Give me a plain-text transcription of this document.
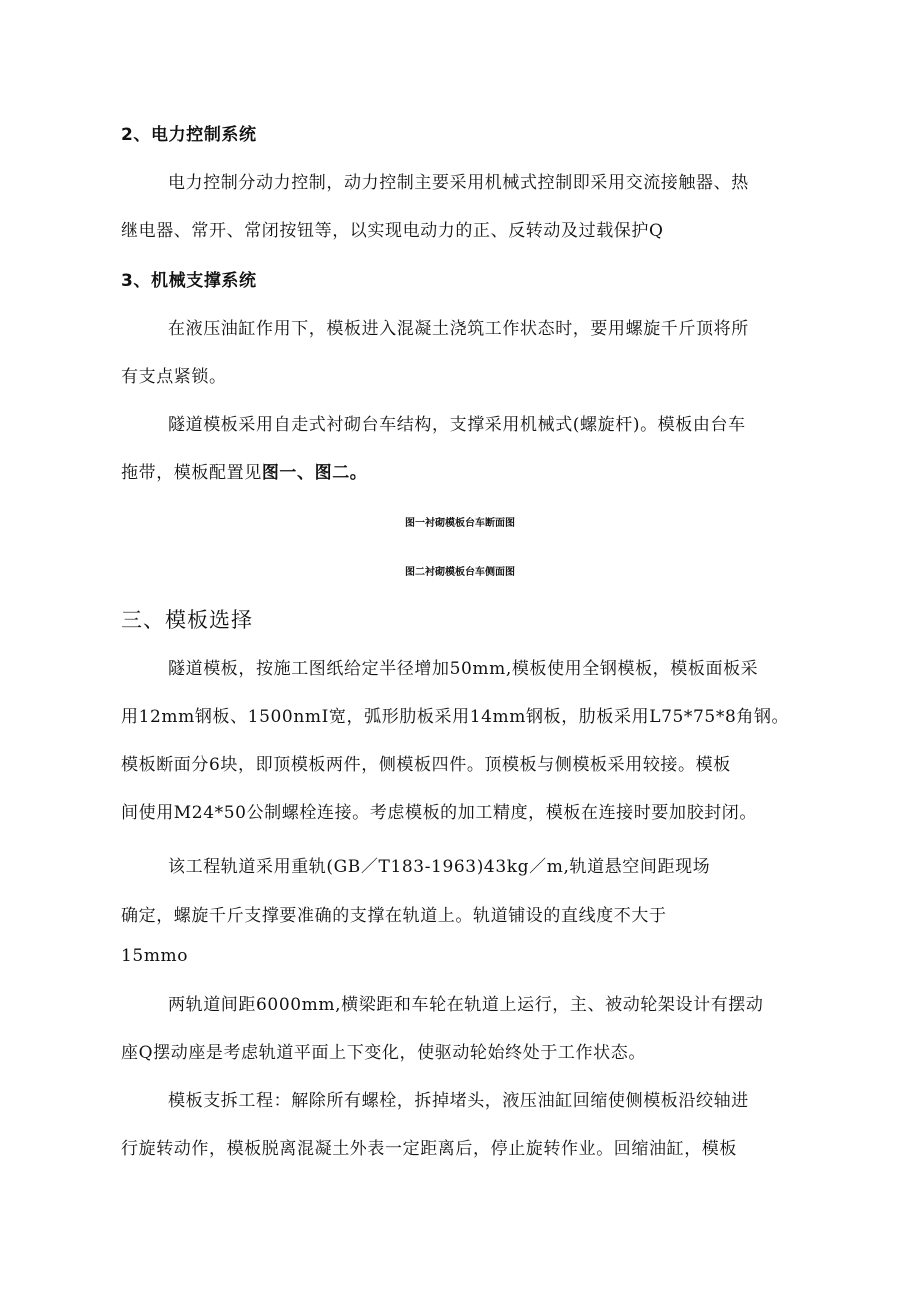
2、电力控制系统
电力控制分动力控制，动力控制主要采用机械式控制即采用交流接触器、热
继电器、常开、常闭按钮等，以实现电动力的正、反转动及过载保护Q
3、机械支撑系统
在液压油缸作用下，模板进入混凝土浇筑工作状态时，要用螺旋千斤顶将所
有支点紧锁。
隧道模板采用自走式衬砌台车结构，支撑采用机械式(螺旋杆)。模板由台车
拖带，模板配置见图一、图二。
图一衬砌模板台车断面图
图二衬砌模板台车侧面图
三、模板选择
隧道模板，按施工图纸给定半径增加50mm,模板使用全钢模板，模板面板采
用12mm钢板、1500nmI宽，弧形肋板采用14mm钢板，肋板采用L75*75*8角钢。
模板断面分6块，即顶模板两件，侧模板四件。顶模板与侧模板采用较接。模板
间使用M24*50公制螺栓连接。考虑模板的加工精度，模板在连接时要加胶封闭。
该工程轨道采用重轨(GB／T183-1963)43kg／m,轨道悬空间距现场
确定，螺旋千斤支撑要准确的支撑在轨道上。轨道铺设的直线度不大于
15mmo
两轨道间距6000mm,横梁距和车轮在轨道上运行，主、被动轮架设计有摆动
座Q摆动座是考虑轨道平面上下变化，使驱动轮始终处于工作状态。
模板支拆工程：解除所有螺栓，拆掉堵头，液压油缸回缩使侧模板沿绞轴进
行旋转动作，模板脱离混凝土外表一定距离后，停止旋转作业。回缩油缸，模板
